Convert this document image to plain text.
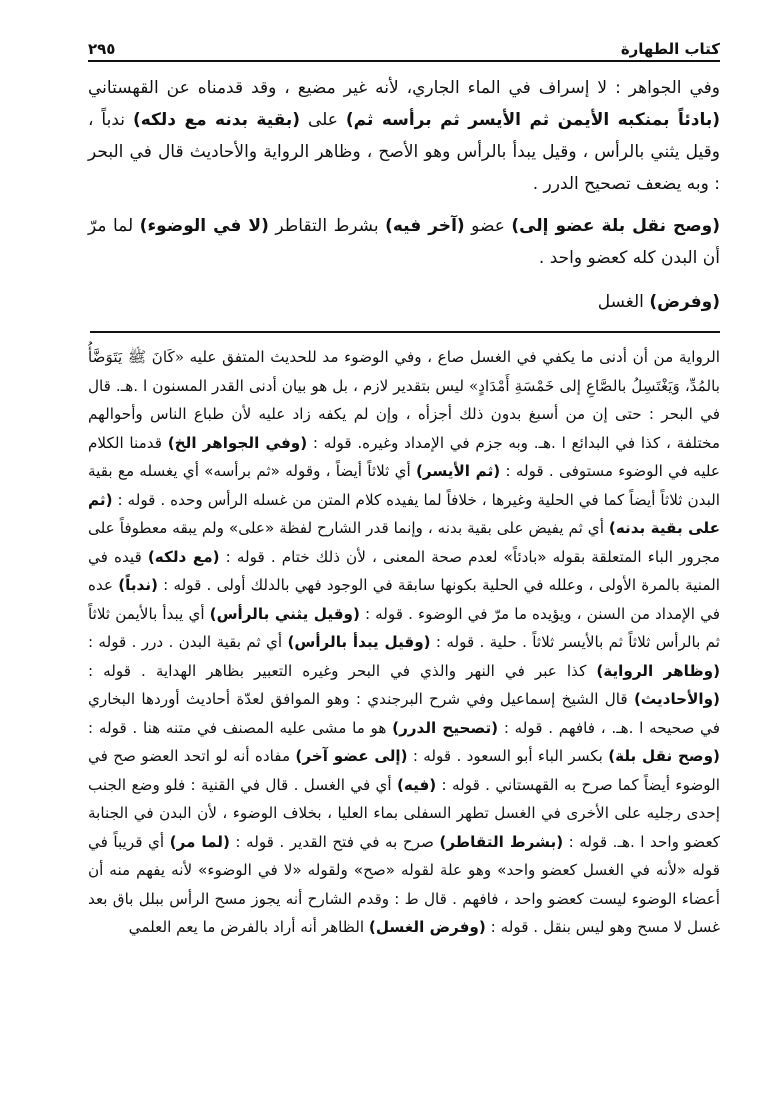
كتاب الطهارة
٢٩٥

وفي الجواهر : لا إسراف في الماء الجاري، لأنه غير مضيع ، وقد قدمناه عن القهستاني (بادئاً بمنكبه الأيمن ثم الأيسر ثم برأسه ثم) على (بقية بدنه مع دلكه) ندباً ، وقيل يثني بالرأس ، وقيل يبدأ بالرأس وهو الأصح ، وظاهر الرواية والأحاديث قال في البحر : وبه يضعف تصحيح الدرر .

(وصح نقل بلة عضو إلى) عضو (آخر فيه) بشرط التقاطر (لا في الوضوء) لما مرّ أن البدن كله كعضو واحد .

(وفرض) الغسل

الرواية من أن أدنى ما يكفي في الغسل صاع ، وفي الوضوء مد للحديث المتفق عليه «كَانَ ﷺ يَتَوَضَّأُ بالمُدِّ، وَيَغْتَسِلُ بالصَّاعِ إلى خَمْسَةِ أَمْدَادٍ» ليس بتقدير لازم ، بل هو بيان أدنى القدر المسنون ا .هـ. قال في البحر : حتى إن من أسبغ بدون ذلك أجزأه ، وإن لم يكفه زاد عليه لأن طباع الناس وأحوالهم مختلفة ، كذا في البدائع ا .هـ. وبه جزم في الإمداد وغيره. قوله : (وفي الجواهر الخ) قدمنا الكلام عليه في الوضوء مستوفى . قوله : (ثم الأيسر) أي ثلاثاً أيضاً ، وقوله «ثم برأسه» أي يغسله مع بقية البدن ثلاثاً أيضاً كما في الحلية وغيرها ، خلافاً لما يفيده كلام المتن من غسله الرأس وحده . قوله : (ثم على بقية بدنه) أي ثم يفيض على بقية بدنه ، وإنما قدر الشارح لفظة «على» ولم يبقه معطوفاً على مجرور الباء المتعلقة بقوله «بادئاً» لعدم صحة المعنى ، لأن ذلك ختام . قوله : (مع دلكه) قيده في المنية بالمرة الأولى ، وعلله في الحلية بكونها سابقة في الوجود فهي بالدلك أولى . قوله : (ندباً) عده في الإمداد من السنن ، ويؤيده ما مرّ في الوضوء . قوله : (وقيل يثني بالرأس) أي يبدأ بالأيمن ثلاثاً ثم بالرأس ثلاثاً ثم بالأيسر ثلاثاً . حلية . قوله : (وقيل يبدأ بالرأس) أي ثم بقية البدن . درر . قوله : (وظاهر الرواية) كذا عبر في النهر والذي في البحر وغيره التعبير بظاهر الهداية . قوله : (والأحاديث) قال الشيخ إسماعيل وفي شرح البرجندي : وهو الموافق لعدّة أحاديث أوردها البخاري في صحيحه ا .هـ. ، فافهم . قوله : (تصحيح الدرر) هو ما مشى عليه المصنف في متنه هنا . قوله : (وصح نقل بلة) بكسر الباء أبو السعود . قوله : (إلى عضو آخر) مفاده أنه لو اتحد العضو صح في الوضوء أيضاً كما صرح به القهستاني . قوله : (فيه) أي في الغسل . قال في القنية : فلو وضع الجنب إحدى رجليه على الأخرى في الغسل تطهر السفلى بماء العليا ، بخلاف الوضوء ، لأن البدن في الجنابة كعضو واحد ا .هـ. قوله : (بشرط التقاطر) صرح به في فتح القدير . قوله : (لما مر) أي قريباً في قوله «لأنه في الغسل كعضو واحد» وهو علة لقوله «صح» ولقوله «لا في الوضوء» لأنه يفهم منه أن أعضاء الوضوء ليست كعضو واحد ، فافهم . قال ط : وقدم الشارح أنه يجوز مسح الرأس ببلل باق بعد غسل لا مسح وهو ليس بنقل . قوله : (وفرض الغسل) الظاهر أنه أراد بالفرض ما يعم العلمي
